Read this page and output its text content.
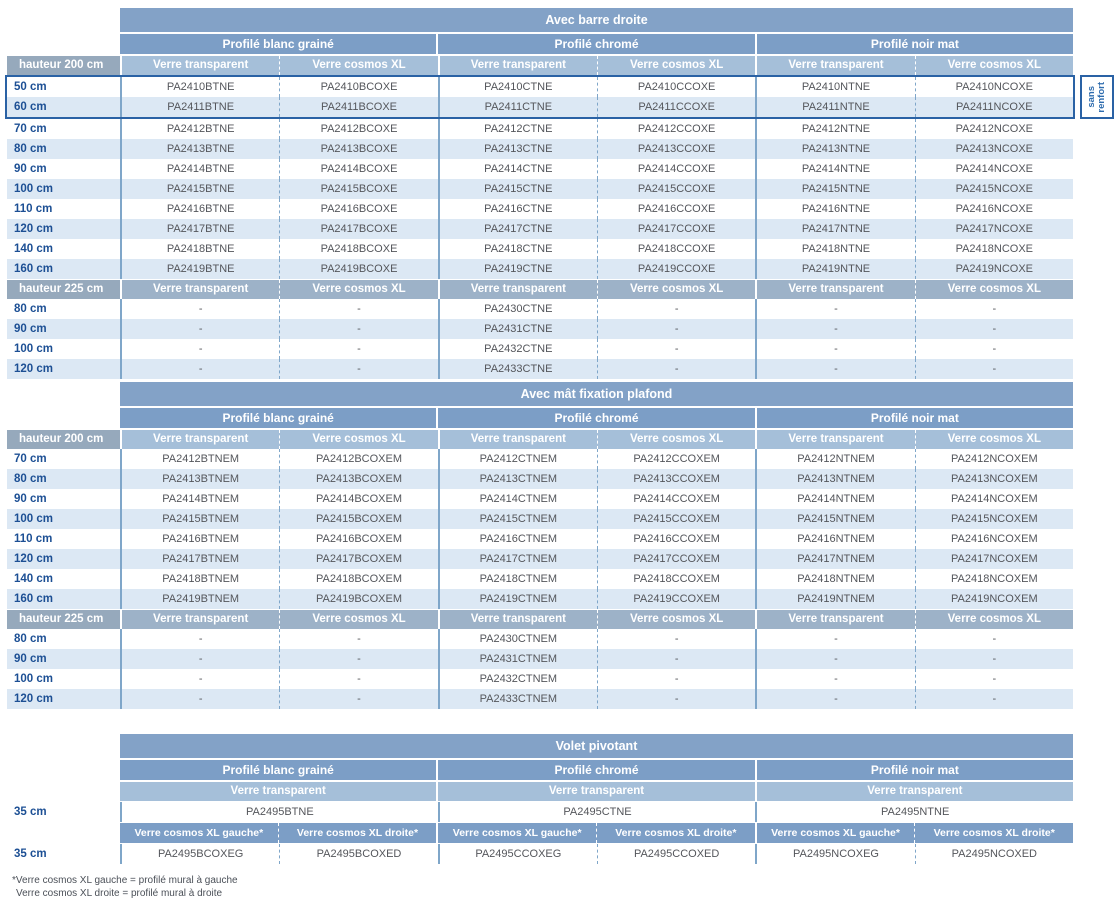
Avec barre droite
Profilé blanc grainé	Profilé chromé	Profilé noir mat
hauteur 200 cm	Verre transparent	Verre cosmos XL	Verre transparent	Verre cosmos XL	Verre transparent	Verre cosmos XL
sans renfort
50 cm	PA2410BTNE	PA2410BCOXE	PA2410CTNE	PA2410CCOXE	PA2410NTNE	PA2410NCOXE
60 cm	PA2411BTNE	PA2411BCOXE	PA2411CTNE	PA2411CCOXE	PA2411NTNE	PA2411NCOXE
70 cm	PA2412BTNE	PA2412BCOXE	PA2412CTNE	PA2412CCOXE	PA2412NTNE	PA2412NCOXE
80 cm	PA2413BTNE	PA2413BCOXE	PA2413CTNE	PA2413CCOXE	PA2413NTNE	PA2413NCOXE
90 cm	PA2414BTNE	PA2414BCOXE	PA2414CTNE	PA2414CCOXE	PA2414NTNE	PA2414NCOXE
100 cm	PA2415BTNE	PA2415BCOXE	PA2415CTNE	PA2415CCOXE	PA2415NTNE	PA2415NCOXE
110 cm	PA2416BTNE	PA2416BCOXE	PA2416CTNE	PA2416CCOXE	PA2416NTNE	PA2416NCOXE
120 cm	PA2417BTNE	PA2417BCOXE	PA2417CTNE	PA2417CCOXE	PA2417NTNE	PA2417NCOXE
140 cm	PA2418BTNE	PA2418BCOXE	PA2418CTNE	PA2418CCOXE	PA2418NTNE	PA2418NCOXE
160 cm	PA2419BTNE	PA2419BCOXE	PA2419CTNE	PA2419CCOXE	PA2419NTNE	PA2419NCOXE
hauteur 225 cm	Verre transparent	Verre cosmos XL	Verre transparent	Verre cosmos XL	Verre transparent	Verre cosmos XL
80 cm	-	-	PA2430CTNE	-	-	-
90 cm	-	-	PA2431CTNE	-	-	-
100 cm	-	-	PA2432CTNE	-	-	-
120 cm	-	-	PA2433CTNE	-	-	-
Avec mât fixation plafond
Profilé blanc grainé	Profilé chromé	Profilé noir mat
hauteur 200 cm	Verre transparent	Verre cosmos XL	Verre transparent	Verre cosmos XL	Verre transparent	Verre cosmos XL
70 cm	PA2412BTNEM	PA2412BCOXEM	PA2412CTNEM	PA2412CCOXEM	PA2412NTNEM	PA2412NCOXEM
80 cm	PA2413BTNEM	PA2413BCOXEM	PA2413CTNEM	PA2413CCOXEM	PA2413NTNEM	PA2413NCOXEM
90 cm	PA2414BTNEM	PA2414BCOXEM	PA2414CTNEM	PA2414CCOXEM	PA2414NTNEM	PA2414NCOXEM
100 cm	PA2415BTNEM	PA2415BCOXEM	PA2415CTNEM	PA2415CCOXEM	PA2415NTNEM	PA2415NCOXEM
110 cm	PA2416BTNEM	PA2416BCOXEM	PA2416CTNEM	PA2416CCOXEM	PA2416NTNEM	PA2416NCOXEM
120 cm	PA2417BTNEM	PA2417BCOXEM	PA2417CTNEM	PA2417CCOXEM	PA2417NTNEM	PA2417NCOXEM
140 cm	PA2418BTNEM	PA2418BCOXEM	PA2418CTNEM	PA2418CCOXEM	PA2418NTNEM	PA2418NCOXEM
160 cm	PA2419BTNEM	PA2419BCOXEM	PA2419CTNEM	PA2419CCOXEM	PA2419NTNEM	PA2419NCOXEM
hauteur 225 cm	Verre transparent	Verre cosmos XL	Verre transparent	Verre cosmos XL	Verre transparent	Verre cosmos XL
80 cm	-	-	PA2430CTNEM	-	-	-
90 cm	-	-	PA2431CTNEM	-	-	-
100 cm	-	-	PA2432CTNEM	-	-	-
120 cm	-	-	PA2433CTNEM	-	-	-
Volet pivotant
Profilé blanc grainé	Profilé chromé	Profilé noir mat
Verre transparent	Verre transparent	Verre transparent
35 cm	PA2495BTNE	PA2495CTNE	PA2495NTNE
Verre cosmos XL gauche*	Verre cosmos XL droite*	Verre cosmos XL gauche*	Verre cosmos XL droite*	Verre cosmos XL gauche*	Verre cosmos XL droite*
35 cm	PA2495BCOXEG	PA2495BCOXED	PA2495CCOXEG	PA2495CCOXED	PA2495NCOXEG	PA2495NCOXED
*Verre cosmos XL gauche = profilé mural à gauche
Verre cosmos XL droite = profilé mural à droite
